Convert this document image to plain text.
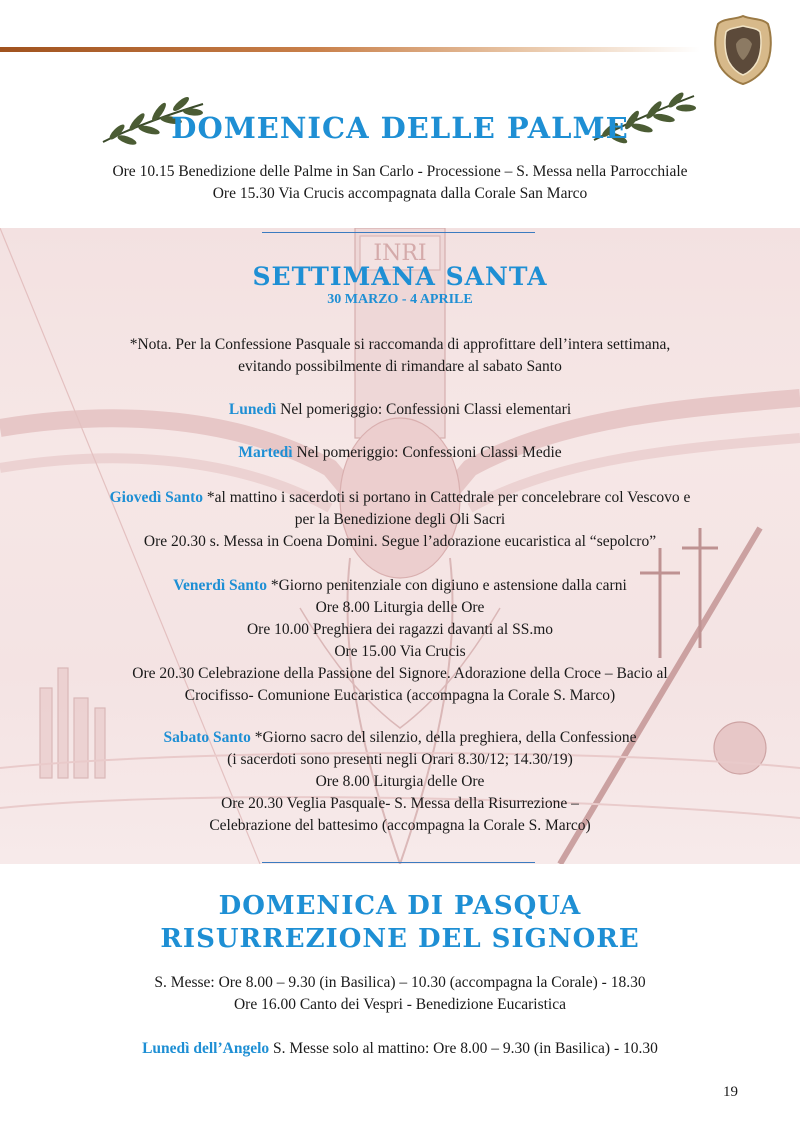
DOMENICA DELLE PALME
Ore 10.15 Benedizione delle Palme in San Carlo - Processione – S. Messa nella Parrocchiale
Ore 15.30 Via Crucis accompagnata dalla Corale San Marco
INRI
SETTIMANA SANTA
30 MARZO - 4 APRILE
*Nota. Per la Confessione Pasquale si raccomanda di approfittare dell’intera settimana,
evitando possibilmente di rimandare al sabato Santo
Lunedì Nel pomeriggio: Confessioni Classi elementari
Martedì Nel pomeriggio: Confessioni Classi Medie
Giovedì Santo *al mattino i sacerdoti si portano in Cattedrale per concelebrare col Vescovo e
per la Benedizione degli Oli Sacri
Ore 20.30 s. Messa in Coena Domini. Segue l’adorazione eucaristica al “sepolcro”
Venerdì Santo *Giorno penitenziale con digiuno e astensione dalla carni
Ore 8.00 Liturgia delle Ore
Ore 10.00 Preghiera dei ragazzi davanti al SS.mo
Ore 15.00 Via Crucis
Ore 20.30 Celebrazione della Passione del Signore. Adorazione della Croce – Bacio al
Crocifisso- Comunione Eucaristica (accompagna la Corale S. Marco)
Sabato Santo *Giorno sacro del silenzio, della preghiera, della Confessione
(i sacerdoti sono presenti negli Orari 8.30/12; 14.30/19)
Ore 8.00 Liturgia delle Ore
Ore 20.30 Veglia Pasquale- S. Messa della Risurrezione –
Celebrazione del battesimo (accompagna la Corale S. Marco)
DOMENICA DI PASQUA
RISURREZIONE DEL SIGNORE
S. Messe: Ore 8.00 – 9.30 (in Basilica) – 10.30 (accompagna la Corale) - 18.30
Ore 16.00 Canto dei Vespri - Benedizione Eucaristica
Lunedì dell’Angelo S. Messe solo al mattino: Ore 8.00 – 9.30 (in Basilica) - 10.30
19
